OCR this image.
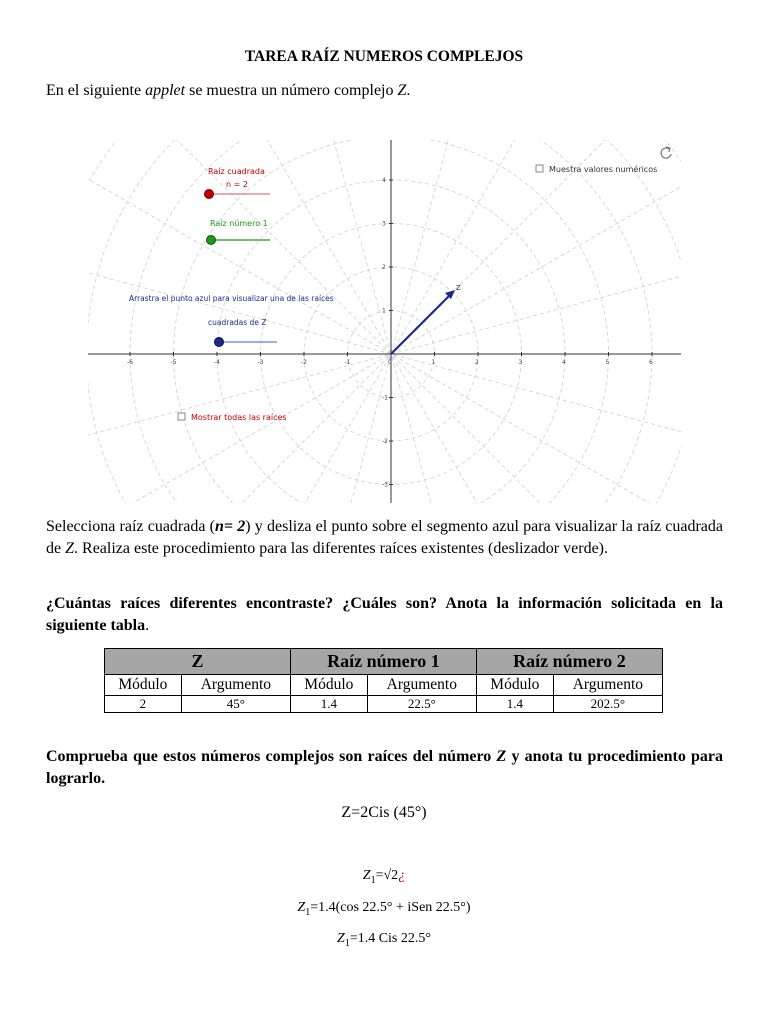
TAREA RAÍZ NUMEROS COMPLEJOS
En el siguiente applet se muestra un número complejo Z.
-6	-5	-4	-3	-2	-1	0	1	2	3	4	5	6
4
3
2
1
-1
-2
-3
Z
Raíz cuadrada
n = 2
Raíz número 1
Arrastra el punto azul para visualizar una de las raíces
cuadradas de Z
Muestra valores numéricos
Mostrar todas las raíces
Selecciona raíz cuadrada (n= 2) y desliza el punto sobre el segmento azul para visualizar la raíz cuadrada de Z. Realiza este procedimiento para las diferentes raíces existentes (deslizador verde).
¿Cuántas raíces diferentes encontraste? ¿Cuáles son? Anota la información solicitada en la siguiente tabla.
Z		Raíz número 1		Raíz número 2	
Módulo	Argumento	Módulo	Argumento	Módulo	Argumento
2	45°	1.4	22.5°	1.4	202.5°
Comprueba que estos números complejos son raíces del número Z y anota tu procedimiento para lograrlo.
Z=2Cis (45°)
$Z_1=√2¿$
$Z_1=1.4(\cos$ 22.5° + iSen 22.5°)
$Z_1=1.4$ Cis 22.5°
